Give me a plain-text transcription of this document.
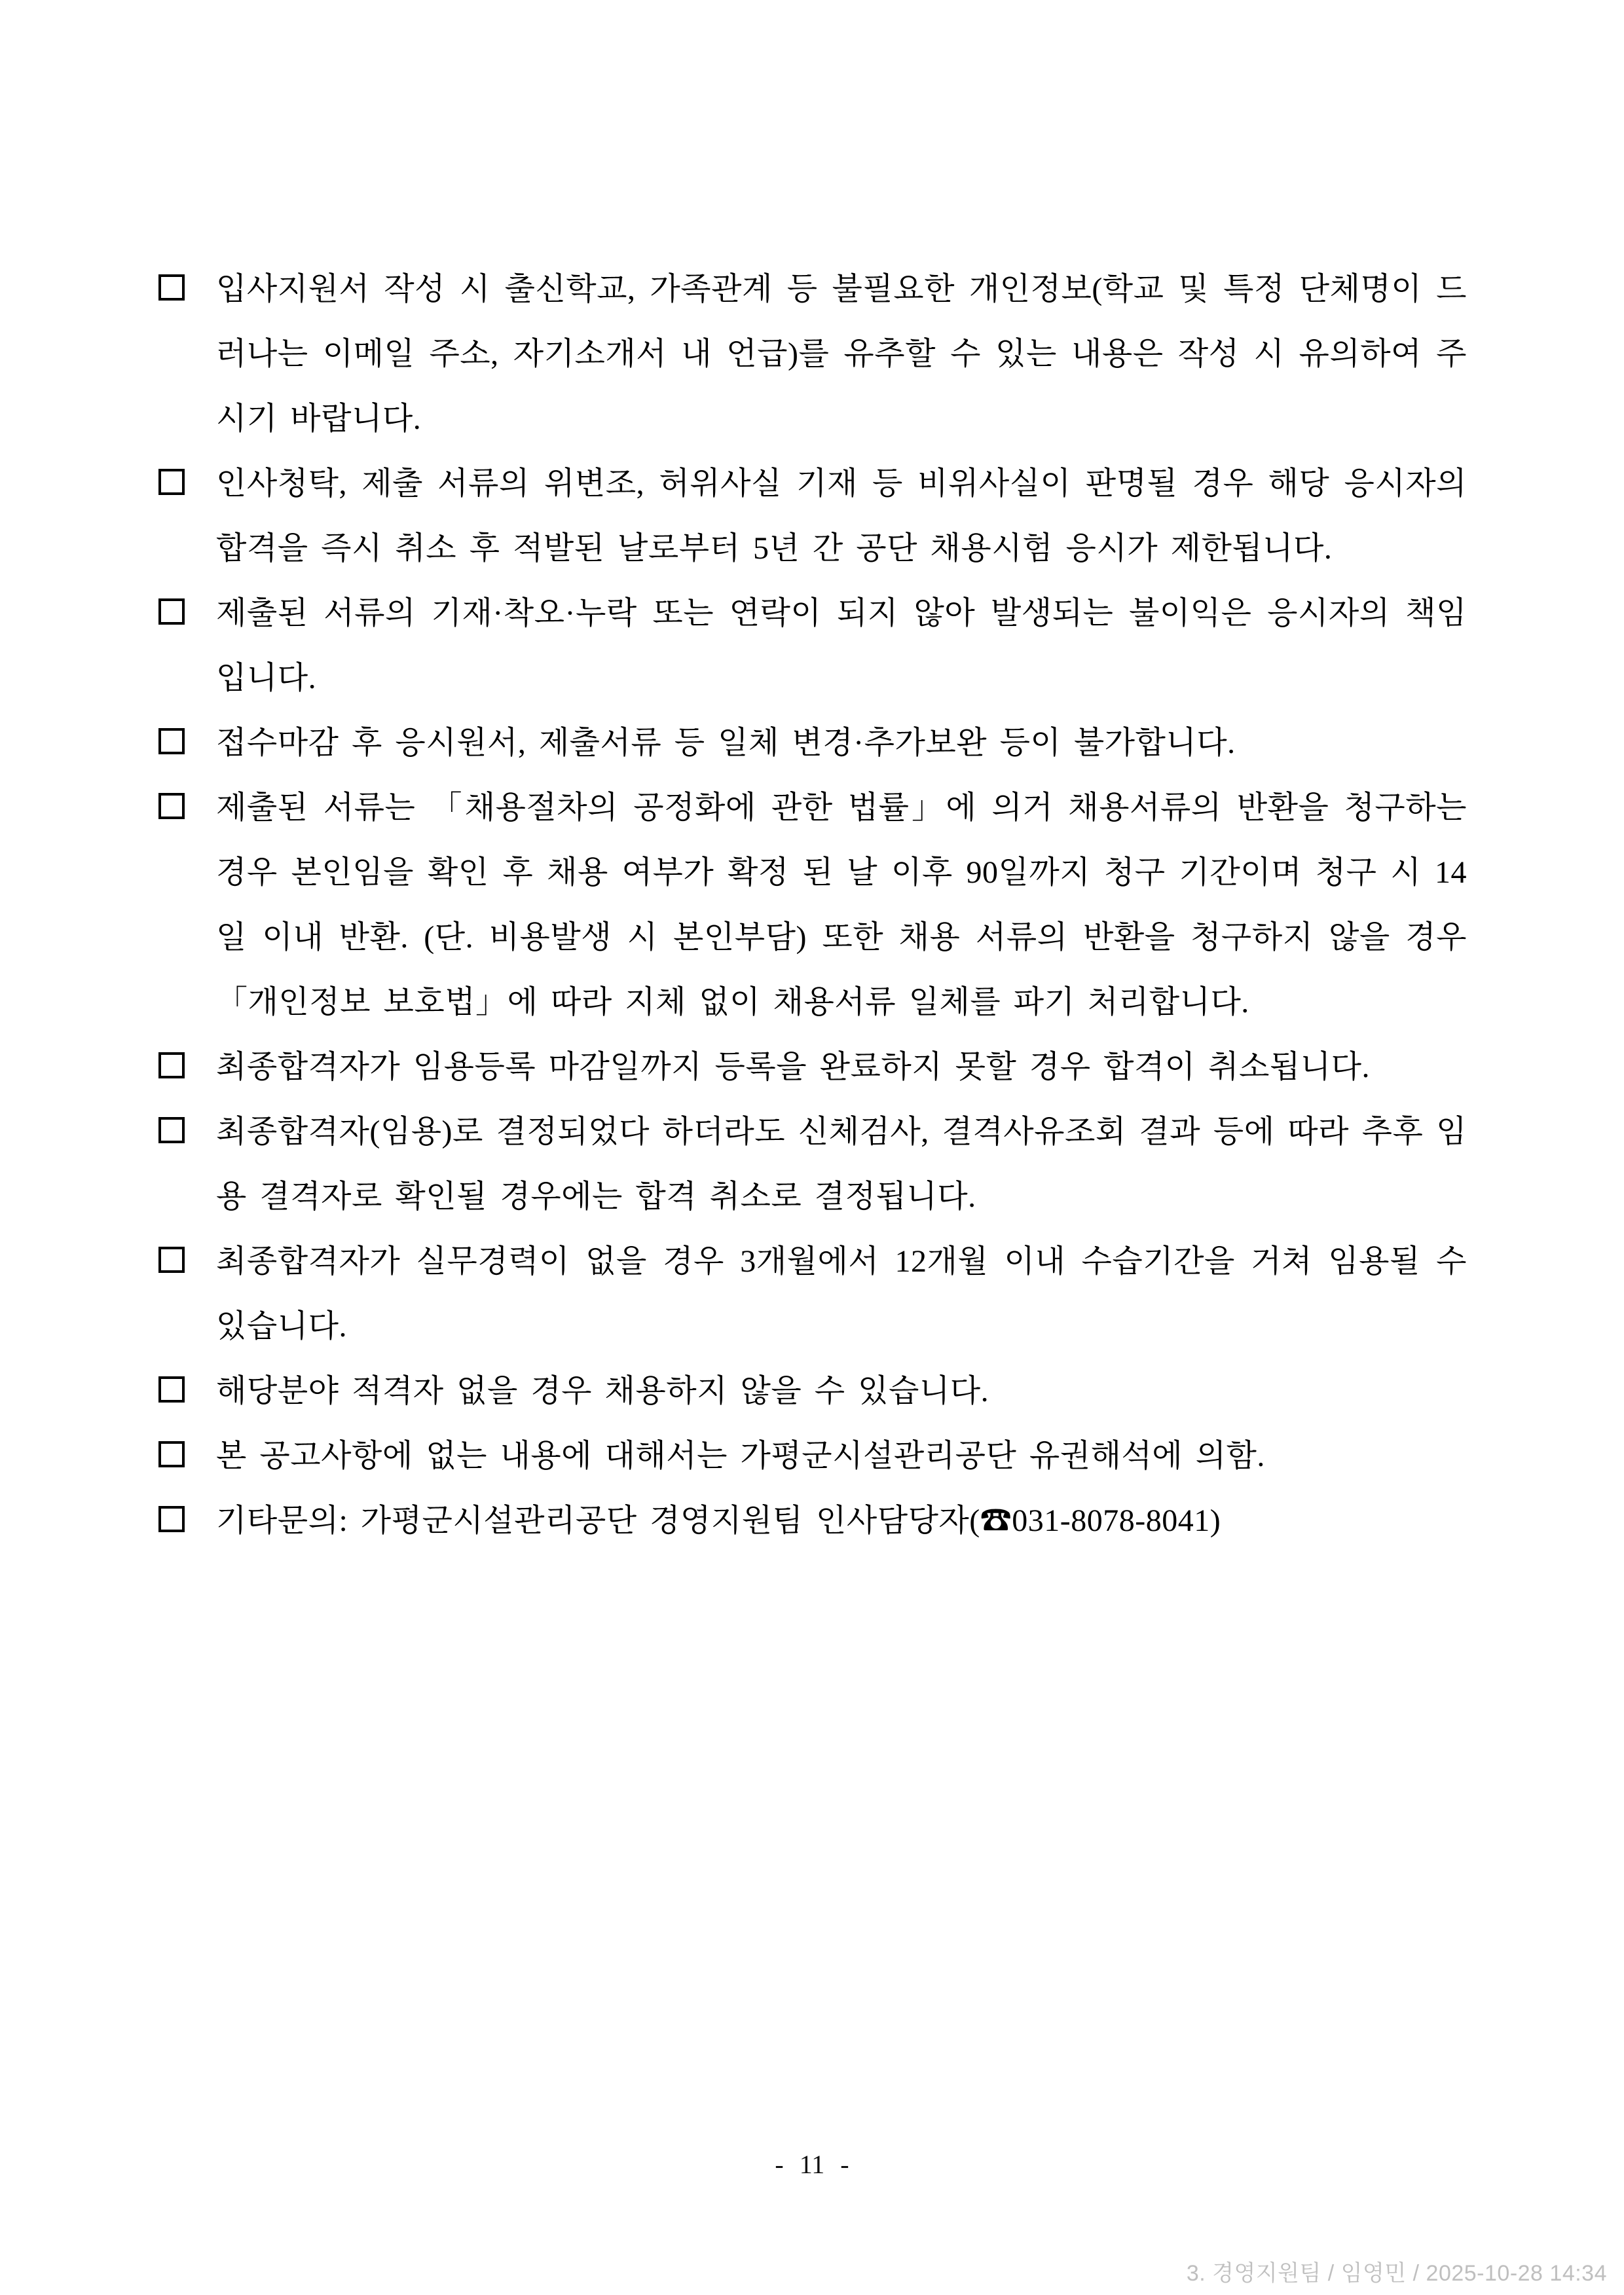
입사지원서 작성 시 출신학교, 가족관계 등 불필요한 개인정보(학교 및 특정 단체명이 드러나는 이메일 주소, 자기소개서 내 언급)를 유추할 수 있는 내용은 작성 시 유의하여 주시기 바랍니다.

인사청탁, 제출 서류의 위변조, 허위사실 기재 등 비위사실이 판명될 경우 해당 응시자의 합격을 즉시 취소 후 적발된 날로부터 5년 간 공단 채용시험 응시가 제한됩니다.

제출된 서류의 기재·착오·누락 또는 연락이 되지 않아 발생되는 불이익은 응시자의 책임입니다.

접수마감 후 응시원서, 제출서류 등 일체 변경·추가보완 등이 불가합니다.

제출된 서류는 「채용절차의 공정화에 관한 법률」에 의거 채용서류의 반환을 청구하는 경우 본인임을 확인 후 채용 여부가 확정 된 날 이후 90일까지 청구 기간이며 청구 시 14일 이내 반환. (단. 비용발생 시 본인부담) 또한 채용 서류의 반환을 청구하지 않을 경우 「개인정보 보호법」에 따라 지체 없이 채용서류 일체를 파기 처리합니다.

최종합격자가 임용등록 마감일까지 등록을 완료하지 못할 경우 합격이 취소됩니다.

최종합격자(임용)로 결정되었다 하더라도 신체검사, 결격사유조회 결과 등에 따라 추후 임용 결격자로 확인될 경우에는 합격 취소로 결정됩니다.

최종합격자가 실무경력이 없을 경우 3개월에서 12개월 이내 수습기간을 거쳐 임용될 수 있습니다.

해당분야 적격자 없을 경우 채용하지 않을 수 있습니다.

본 공고사항에 없는 내용에 대해서는 가평군시설관리공단 유권해석에 의함.

기타문의: 가평군시설관리공단 경영지원팀 인사담당자(☎031-8078-8041)

- 11 -
3. 경영지원팀 / 임영민 / 2025-10-28 14:34
